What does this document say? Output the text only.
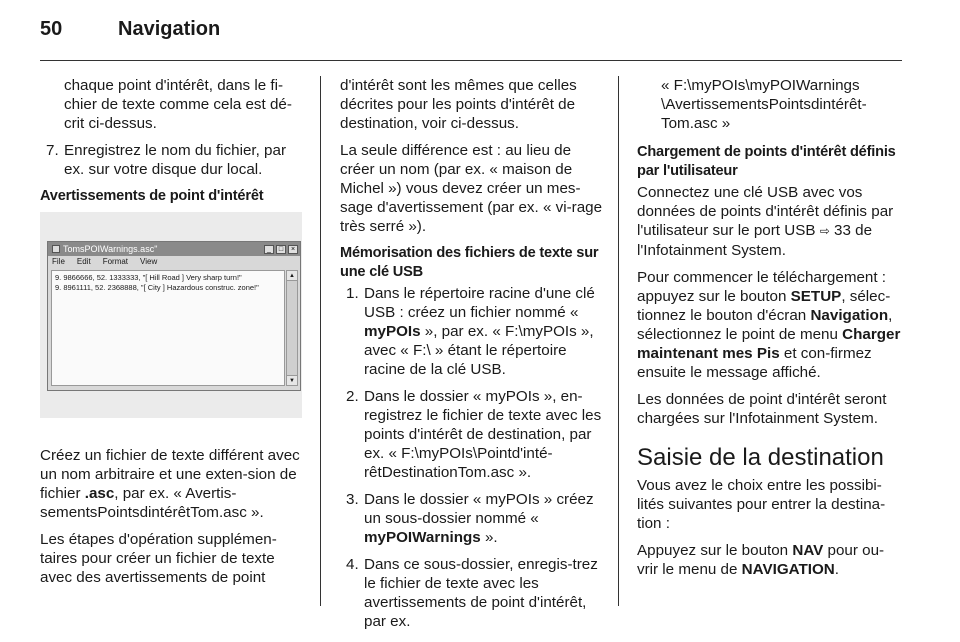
50	Navigation

chaque point d'intérêt, dans le fi-chier de texte comme cela est dé-crit ci-dessus.

7. Enregistrez le nom du fichier, par ex. sur votre disque dur local.
Avertissements de point d'intérêt
TomsPOIWarnings.asc"	_	□	×
File Edit Format View
9. 9866666, 52. 1333333, "[ Hill Road ] Very sharp turn!"
9. 8961111, 52. 2368888, "[ City ] Hazardous construc. zone!"
▲
▼

Créez un fichier de texte différent avec un nom arbitraire et une exten-sion de fichier .asc, par ex. « Avertis-sementsPointsdintérêtTom.asc ».

Les étapes d'opération supplémen-taires pour créer un fichier de texte avec des avertissements de point

d'intérêt sont les mêmes que celles décrites pour les points d'intérêt de destination, voir ci-dessus.

La seule différence est : au lieu de créer un nom (par ex. « maison de Michel ») vous devez créer un mes-sage d'avertissement (par ex. « vi-rage très serré »).

Mémorisation des fichiers de texte sur une clé USB
1. Dans le répertoire racine d'une clé USB : créez un fichier nommé « myPOIs », par ex. « F:\myPOIs », avec « F:\ » étant le répertoire racine de la clé USB.
2. Dans le dossier « myPOIs », en-registrez le fichier de texte avec les points d'intérêt de destination, par ex. « F:\myPOIs\Pointd'inté-rêtDestinationTom.asc ».
3. Dans le dossier « myPOIs » créez un sous-dossier nommé « myPOIWarnings ».
4. Dans ce sous-dossier, enregis-trez le fichier de texte avec les avertissements de point d'intérêt, par ex.

« F:\myPOIs\myPOIWarnings \AvertissementsPointsdintérêt-Tom.asc »

Chargement de points d'intérêt définis par l'utilisateur

Connectez une clé USB avec vos données de points d'intérêt définis par l'utilisateur sur le port USB ⇨ 33 de l'Infotainment System.

Pour commencer le téléchargement : appuyez sur le bouton SETUP, sélec-tionnez le bouton d'écran Navigation, sélectionnez le point de menu Charger maintenant mes Pis et con-firmez ensuite le message affiché.

Les données de point d'intérêt seront chargées sur l'Infotainment System.

Saisie de la destination

Vous avez le choix entre les possibi-lités suivantes pour entrer la destina-tion :

Appuyez sur le bouton NAV pour ou-vrir le menu de NAVIGATION.
